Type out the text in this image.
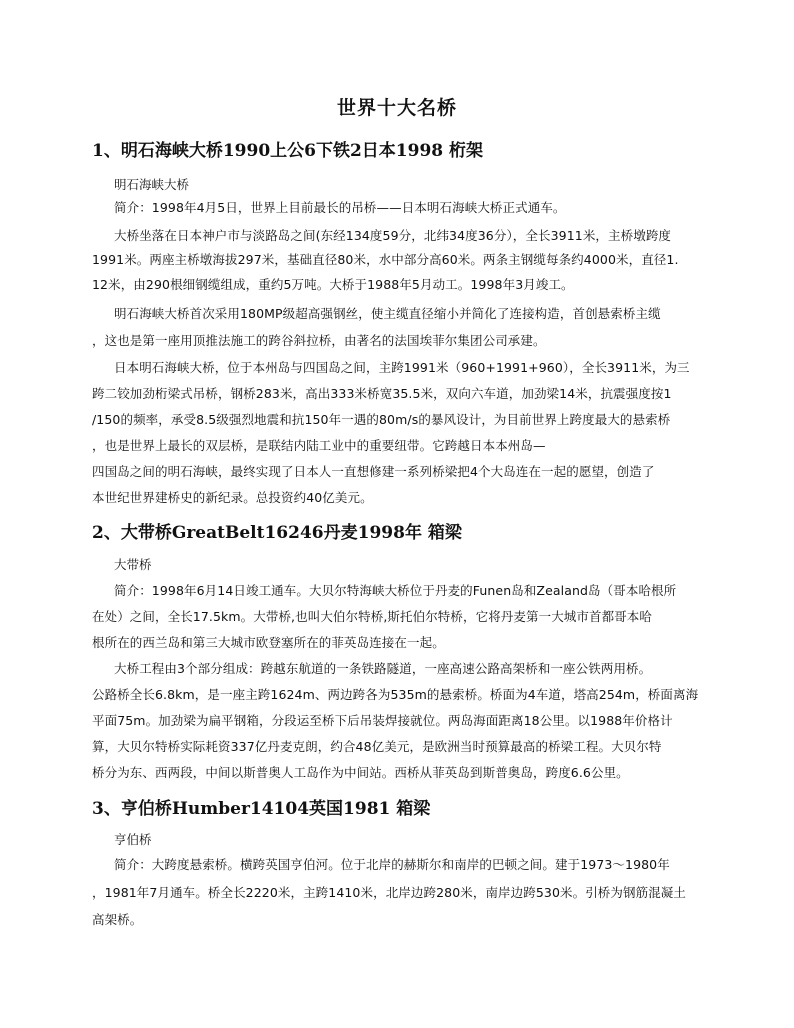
世界十大名桥
1、明石海峡大桥1990上公6下铁2日本1998 桁架
明石海峡大桥
简介：1998年4月5日，世界上目前最长的吊桥——日本明石海峡大桥正式通车。
大桥坐落在日本神户市与淡路岛之间(东经134度59分，北纬34度36分），全长3911米，主桥墩跨度
1991米。两座主桥墩海拔297米，基础直径80米，水中部分高60米。两条主钢缆每条约4000米，直径1.
12米，由290根细钢缆组成，重约5万吨。大桥于1988年5月动工。1998年3月竣工。
明石海峡大桥首次采用180MP级超高强钢丝，使主缆直径缩小并简化了连接构造，首创悬索桥主缆
，这也是第一座用顶推法施工的跨谷斜拉桥，由著名的法国埃菲尔集团公司承建。
日本明石海峡大桥，位于本州岛与四国岛之间，主跨1991米（960+1991+960），全长3911米，为三
跨二铰加劲桁梁式吊桥，钢桥283米，高出333米桥宽35.5米，双向六车道，加劲梁14米，抗震强度按1
/150的频率，承受8.5级强烈地震和抗150年一遇的80m/s的暴风设计，为目前世界上跨度最大的悬索桥
，也是世界上最长的双层桥，是联结内陆工业中的重要纽带。它跨越日本本州岛—
四国岛之间的明石海峡，最终实现了日本人一直想修建一系列桥梁把4个大岛连在一起的愿望，创造了
本世纪世界建桥史的新纪录。总投资约40亿美元。
2、大带桥GreatBelt16246丹麦1998年 箱梁
大带桥
简介：1998年6月14日竣工通车。大贝尔特海峡大桥位于丹麦的Funen岛和Zealand岛（哥本哈根所
在处）之间，全长17.5km。大带桥,也叫大伯尔特桥,斯托伯尔特桥，它将丹麦第一大城市首都哥本哈
根所在的西兰岛和第三大城市欧登塞所在的菲英岛连接在一起。
大桥工程由3个部分组成：跨越东航道的一条铁路隧道，一座高速公路高架桥和一座公铁两用桥。
公路桥全长6.8km，是一座主跨1624m、两边跨各为535m的悬索桥。桥面为4车道，塔高254m，桥面离海
平面75m。加劲梁为扁平钢箱，分段运至桥下后吊装焊接就位。两岛海面距离18公里。以1988年价格计
算，大贝尔特桥实际耗资337亿丹麦克朗，约合48亿美元，是欧洲当时预算最高的桥梁工程。大贝尔特
桥分为东、西两段，中间以斯普奥人工岛作为中间站。西桥从菲英岛到斯普奥岛，跨度6.6公里。
3、亨伯桥Humber14104英国1981 箱梁
亨伯桥
简介：大跨度悬索桥。横跨英国亨伯河。位于北岸的赫斯尔和南岸的巴顿之间。建于1973～1980年
，1981年7月通车。桥全长2220米，主跨1410米，北岸边跨280米，南岸边跨530米。引桥为钢筋混凝土
高架桥。
